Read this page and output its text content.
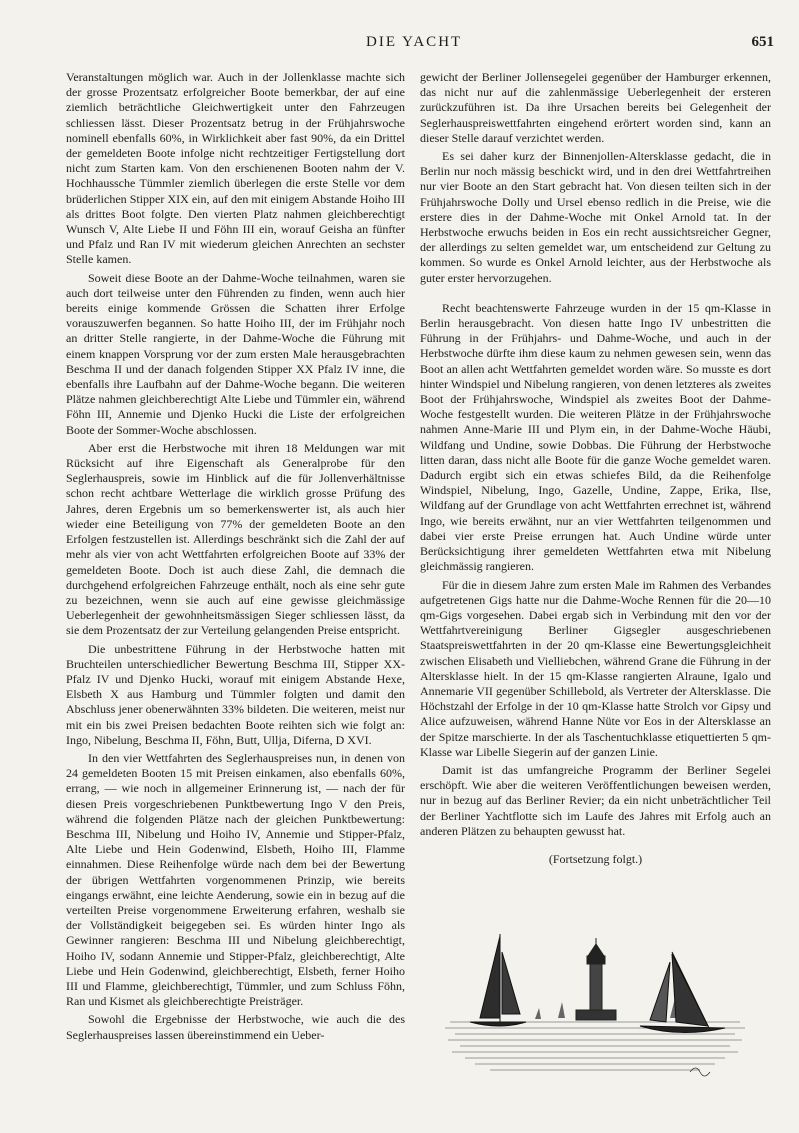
DIE YACHT	651

Veranstaltungen möglich war. Auch in der Jollenklasse machte sich der grosse Prozentsatz erfolgreicher Boote bemerkbar, der auf eine ziemlich beträchtliche Gleichwertigkeit unter den Fahrzeugen schliessen lässt. Dieser Prozentsatz betrug in der Frühjahrswoche nominell ebenfalls 60%, in Wirklichkeit aber fast 90%, da ein Drittel der gemeldeten Boote infolge nicht rechtzeitiger Fertigstellung dort nicht zum Starten kam. Von den erschienenen Booten nahm der V. Hochhaussche Tümmler ziemlich überlegen die erste Stelle vor dem brüderlichen Stipper XIX ein, auf den mit einigem Abstande Hoiho III als drittes Boot folgte. Den vierten Platz nahmen gleichberechtigt Wunsch V, Alte Liebe II und Föhn III ein, worauf Geisha an fünfter und Pfalz und Ran IV mit wiederum gleichen Anrechten an sechster Stelle kamen.

Soweit diese Boote an der Dahme-Woche teilnahmen, waren sie auch dort teilweise unter den Führenden zu finden, wenn auch hier bereits einige kommende Grössen die Schatten ihrer Erfolge vorauszuwerfen begannen. So hatte Hoiho III, der im Frühjahr noch an dritter Stelle rangierte, in der Dahme-Woche die Führung mit einem knappen Vorsprung vor der zum ersten Male herausgebrachten Beschma II und der danach folgenden Stipper XX Pfalz IV inne, die ebenfalls ihre Laufbahn auf der Dahme-Woche begann. Die weiteren Plätze nahmen gleichberechtigt Alte Liebe und Tümmler ein, während Föhn III, Annemie und Djenko Hucki die Liste der erfolgreichen Boote der Sommer-Woche abschlossen.

Aber erst die Herbstwoche mit ihren 18 Meldungen war mit Rücksicht auf ihre Eigenschaft als Generalprobe für den Seglerhauspreis, sowie im Hinblick auf die für Jollenverhältnisse schon recht achtbare Wetterlage die wirklich grosse Prüfung des Jahres, deren Ergebnis um so bemerkenswerter ist, als auch hier wieder eine Beteiligung von 77% der gemeldeten Boote an den Erfolgen festzustellen ist. Allerdings beschränkt sich die Zahl der auf mehr als vier von acht Wettfahrten erfolgreichen Boote auf 33% der gemeldeten Boote. Doch ist auch diese Zahl, die demnach die durchgehend erfolgreichen Fahrzeuge enthält, noch als eine sehr gute zu bezeichnen, wenn sie auch auf eine gewisse gleichmässige Ueberlegenheit der gewohnheitsmässigen Sieger schliessen lässt, da sie dem Prozentsatz der zur Verteilung gelangenden Preise entspricht.

Die unbestrittene Führung in der Herbstwoche hatten mit Bruchteilen unterschiedlicher Bewertung Beschma III, Stipper XX-Pfalz IV und Djenko Hucki, worauf mit einigem Abstande Hexe, Elsbeth X aus Hamburg und Tümmler folgten und damit den Abschluss jener obenerwähnten 33% bildeten. Die weiteren, meist nur mit ein bis zwei Preisen bedachten Boote reihten sich wie folgt an: Ingo, Nibelung, Beschma II, Föhn, Butt, Ullja, Diferna, D XVI.

In den vier Wettfahrten des Seglerhauspreises nun, in denen von 24 gemeldeten Booten 15 mit Preisen einkamen, also ebenfalls 60%, errang, — wie noch in allgemeiner Erinnerung ist, — nach der für diesen Preis vorgeschriebenen Punktbewertung Ingo V den Preis, während die folgenden Plätze nach der gleichen Punktbewertung: Beschma III, Nibelung und Hoiho IV, Annemie und Stipper-Pfalz, Alte Liebe und Hein Godenwind, Elsbeth, Hoiho III, Flamme einnahmen. Diese Reihenfolge würde nach dem bei der Bewertung der übrigen Wettfahrten vorgenommenen Prinzip, wie bereits eingangs erwähnt, eine leichte Aenderung, sowie ein in bezug auf die verteilten Preise vorgenommene Erweiterung erfahren, weshalb sie der Vollständigkeit beigegeben sei. Es würden hinter Ingo als Gewinner rangieren: Beschma III und Nibelung gleichberechtigt, Hoiho IV, sodann Annemie und Stipper-Pfalz, gleichberechtigt, Alte Liebe und Hein Godenwind, gleichberechtigt, Elsbeth, ferner Hoiho III und Flamme, gleichberechtigt, Tümmler, und zum Schluss Föhn, Ran und Kismet als gleichberechtigte Preisträger.

Sowohl die Ergebnisse der Herbstwoche, wie auch die des Seglerhauspreises lassen übereinstimmend ein Ueber-

gewicht der Berliner Jollensegelei gegenüber der Hamburger erkennen, das nicht nur auf die zahlenmässige Ueberlegenheit der ersteren zurückzuführen ist. Da ihre Ursachen bereits bei Gelegenheit der Seglerhauspreiswettfahrten eingehend erörtert worden sind, kann an dieser Stelle darauf verzichtet werden.

Es sei daher kurz der Binnenjollen-Altersklasse gedacht, die in Berlin nur noch mässig beschickt wird, und in den drei Wettfahrtreihen nur vier Boote an den Start gebracht hat. Von diesen teilten sich in der Frühjahrswoche Dolly und Ursel ebenso redlich in die Preise, wie die erstere dies in der Dahme-Woche mit Onkel Arnold tat. In der Herbstwoche erwuchs beiden in Eos ein recht aussichtsreicher Gegner, der allerdings zu selten gemeldet war, um entscheidend zur Geltung zu kommen. So wurde es Onkel Arnold leichter, aus der Herbstwoche als guter erster hervorzugehen.

Recht beachtenswerte Fahrzeuge wurden in der 15 qm-Klasse in Berlin herausgebracht. Von diesen hatte Ingo IV unbestritten die Führung in der Frühjahrs- und Dahme-Woche, und auch in der Herbstwoche dürfte ihm diese kaum zu nehmen gewesen sein, wenn das Boot an allen acht Wettfahrten gemeldet worden wäre. So musste es dort hinter Windspiel und Nibelung rangieren, von denen letzteres als zweites Boot der Frühjahrswoche, Windspiel als zweites Boot der Dahme-Woche festgestellt wurden. Die weiteren Plätze in der Frühjahrswoche nahmen Anne-Marie III und Plym ein, in der Dahme-Woche Häubi, Wildfang und Undine, sowie Dobbas. Die Führung der Herbstwoche litten daran, dass nicht alle Boote für die ganze Woche gemeldet waren. Dadurch ergibt sich ein etwas schiefes Bild, da die Reihenfolge Windspiel, Nibelung, Ingo, Gazelle, Undine, Zappe, Erika, Ilse, Wildfang auf der Grundlage von acht Wettfahrten errechnet ist, während Ingo, wie bereits erwähnt, nur an vier Wettfahrten teilgenommen und dabei vier erste Preise errungen hat. Auch Undine würde unter Berücksichtigung ihrer gemeldeten Wettfahrten etwa mit Nibelung gleichmässig rangieren.

Für die in diesem Jahre zum ersten Male im Rahmen des Verbandes aufgetretenen Gigs hatte nur die Dahme-Woche Rennen für die 20—10 qm-Gigs vorgesehen. Dabei ergab sich in Verbindung mit den vor der Wettfahrtvereinigung Berliner Gigsegler ausgeschriebenen Staatspreiswettfahrten in der 20 qm-Klasse eine Bewertungsgleichheit zwischen Elisabeth und Vielliebchen, während Grane die Führung in der Altersklasse hielt. In der 15 qm-Klasse rangierten Alraune, Igalo und Annemarie VII gegenüber Schillebold, als Vertreter der Altersklasse. Die Höchstzahl der Erfolge in der 10 qm-Klasse hatte Strolch vor Gipsy und Alice aufzuweisen, während Hanne Nüte vor Eos in der Altersklasse an der Spitze marschierte. In der als Taschentuchklasse etiquettierten 5 qm-Klasse war Libelle Siegerin auf der ganzen Linie.

Damit ist das umfangreiche Programm der Berliner Segelei erschöpft. Wie aber die weiteren Veröffentlichungen beweisen werden, nur in bezug auf das Berliner Revier; da ein nicht unbeträchtlicher Teil der Berliner Yachtflotte sich im Laufe des Jahres mit Erfolg auch an anderen Plätzen zu behaupten gewusst hat.

(Fortsetzung folgt.)
